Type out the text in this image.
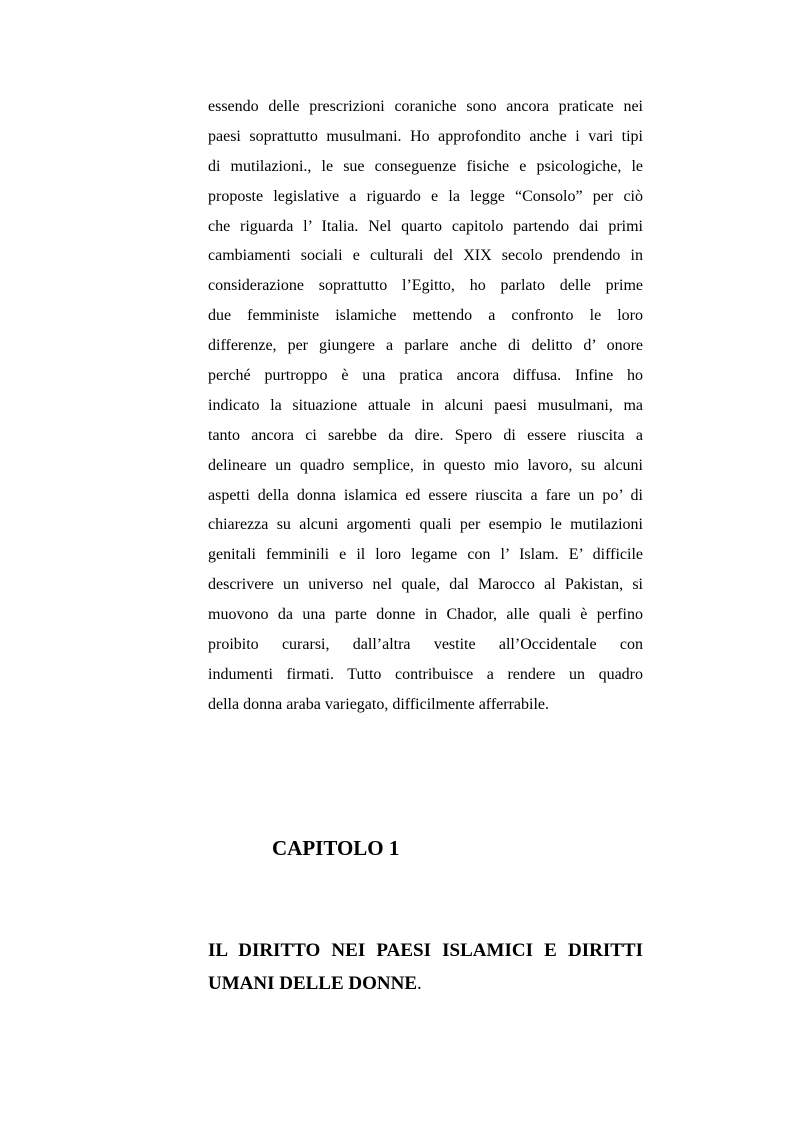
essendo delle prescrizioni coraniche sono ancora praticate nei
paesi soprattutto musulmani. Ho approfondito anche i vari tipi
di mutilazioni., le sue conseguenze fisiche e psicologiche, le
proposte legislative a riguardo e la legge “Consolo” per ciò
che riguarda l’ Italia. Nel quarto capitolo partendo dai primi
cambiamenti sociali e culturali del XIX secolo prendendo in
considerazione soprattutto l’Egitto, ho parlato delle prime
due femministe islamiche mettendo a confronto le loro
differenze, per giungere a parlare anche di delitto d’ onore
perché purtroppo è una pratica ancora diffusa. Infine ho
indicato la situazione attuale in alcuni paesi musulmani, ma
tanto ancora ci sarebbe da dire. Spero di essere riuscita a
delineare un quadro semplice, in questo mio lavoro, su alcuni
aspetti della donna islamica ed essere riuscita a fare un po’ di
chiarezza su alcuni argomenti quali per esempio le mutilazioni
genitali femminili e il loro legame con l’ Islam. E’ difficile
descrivere un universo nel quale, dal Marocco al Pakistan, si
muovono da una parte donne in Chador, alle quali è perfino
proibito curarsi, dall’altra vestite all’Occidentale con
indumenti firmati. Tutto contribuisce a rendere un quadro
della donna araba variegato, difficilmente afferrabile.
CAPITOLO 1
IL DIRITTO NEI PAESI ISLAMICI E DIRITTI
UMANI DELLE DONNE.
